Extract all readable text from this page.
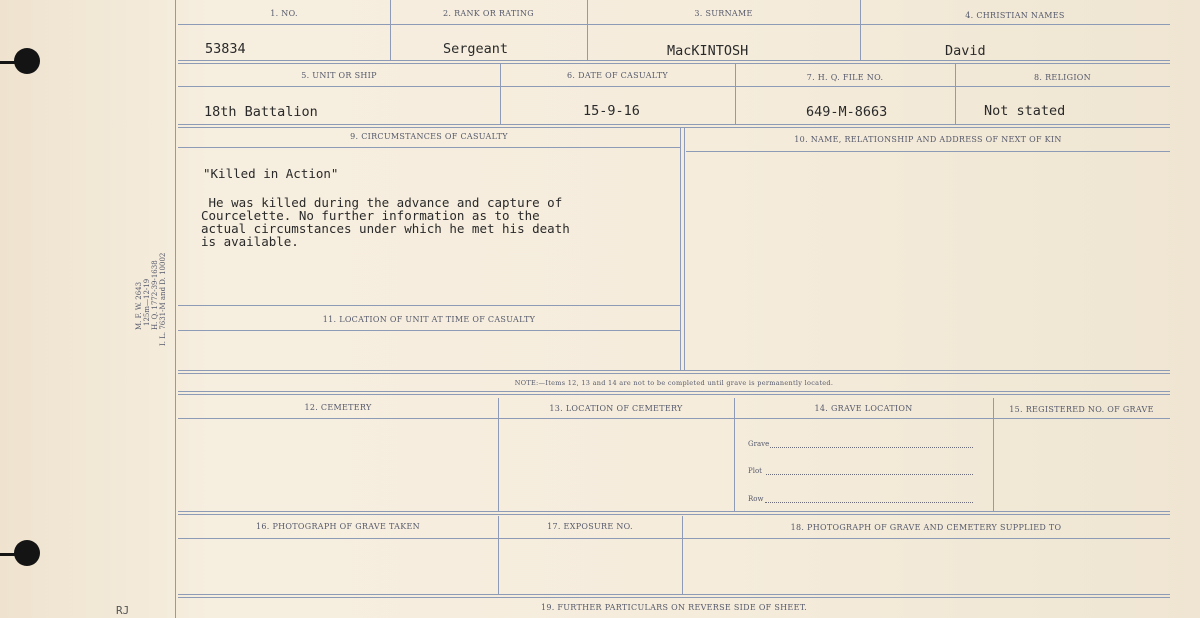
M. F. W. 2643 125m—12-19 H. Q. 1772-39-1638 I. L. 7631-M and D. 10002
RJ
1. NO.	2. RANK OR RATING	3. SURNAME	4. CHRISTIAN NAMES
53834	Sergeant	MacKINTOSH	David
5. UNIT OR SHIP	6. DATE OF CASUALTY	7. H. Q. FILE NO.	8. RELIGION
18th Battalion	15-9-16	649-M-8663	Not stated
9. CIRCUMSTANCES OF CASUALTY	10. NAME, RELATIONSHIP AND ADDRESS OF NEXT OF KIN
"Killed in Action"
He was killed during the advance and capture of
Courcelette. No further information as to the
actual circumstances under which he met his death
is available.
11. LOCATION OF UNIT AT TIME OF CASUALTY
NOTE:—Items 12, 13 and 14 are not to be completed until grave is permanently located.
12. CEMETERY	13. LOCATION OF CEMETERY	14. GRAVE LOCATION	15. REGISTERED NO. OF GRAVE
Grave
Plot
Row
16. PHOTOGRAPH OF GRAVE TAKEN	17. EXPOSURE NO.	18. PHOTOGRAPH OF GRAVE AND CEMETERY SUPPLIED TO
19. FURTHER PARTICULARS ON REVERSE SIDE OF SHEET.
